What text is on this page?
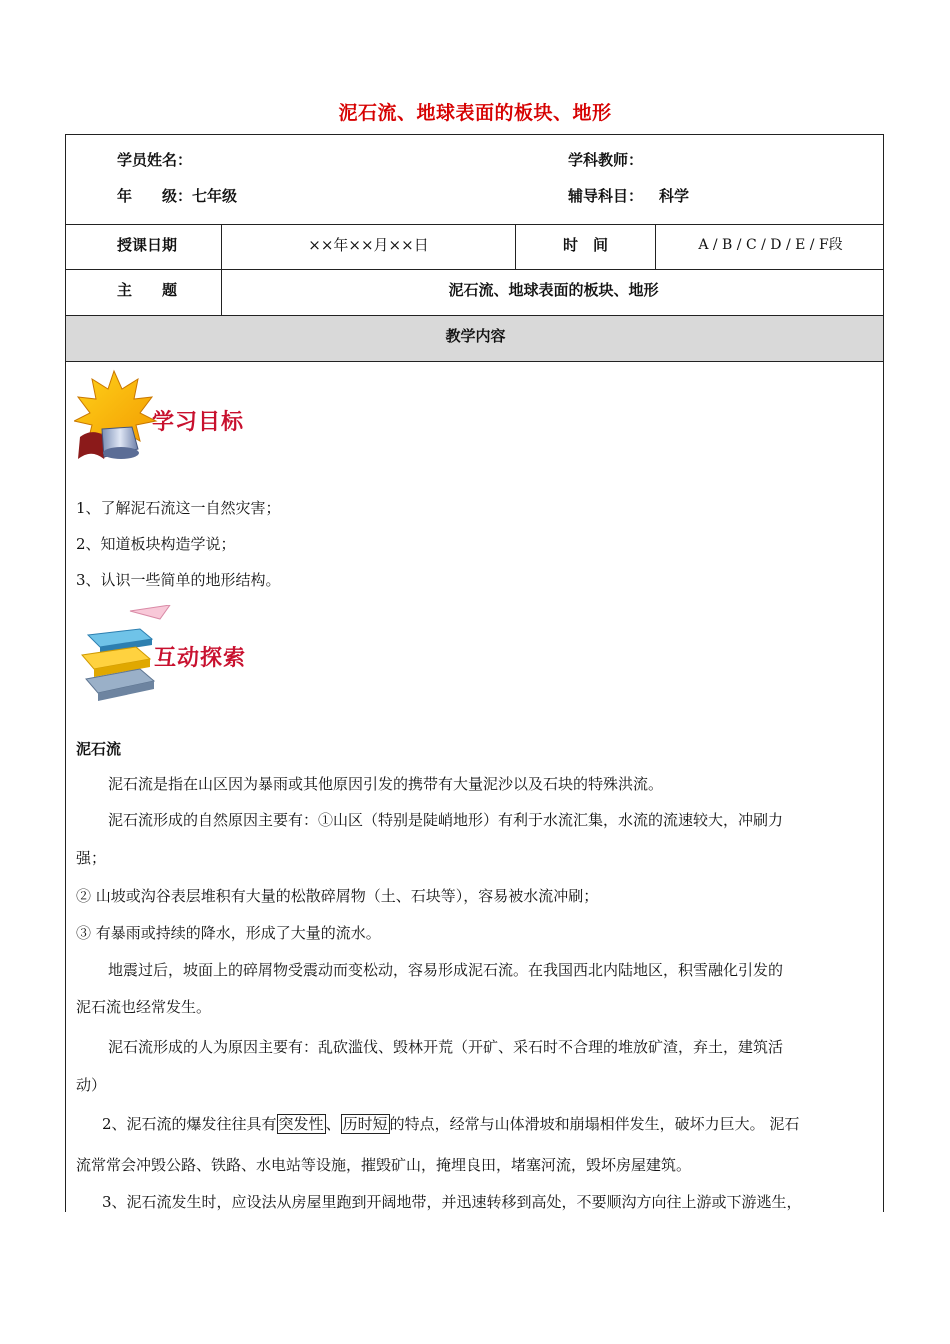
泥石流、地球表面的板块、地形
学员姓名：	学科教师：
年　　级：七年级	辅导科目： 科学
授课日期	××年××月××日	时　间	A / B / C / D / E / F段
主　　题	泥石流、地球表面的板块、地形
教学内容
学习目标
1、了解泥石流这一自然灾害；
2、知道板块构造学说；
3、认识一些简单的地形结构。
互动探索
泥石流
泥石流是指在山区因为暴雨或其他原因引发的携带有大量泥沙以及石块的特殊洪流。
泥石流形成的自然原因主要有：①山区（特别是陡峭地形）有利于水流汇集，水流的流速较大，冲刷力
强；
② 山坡或沟谷表层堆积有大量的松散碎屑物（土、石块等），容易被水流冲刷；
③ 有暴雨或持续的降水，形成了大量的流水。
地震过后，坡面上的碎屑物受震动而变松动，容易形成泥石流。在我国西北内陆地区，积雪融化引发的
泥石流也经常发生。
泥石流形成的人为原因主要有：乱砍滥伐、毁林开荒（开矿、采石时不合理的堆放矿渣，弃土，建筑活
动）
2、泥石流的爆发往往具有 突发性 、 历时短 的特点，经常与山体滑坡和崩塌相伴发生，破坏力巨大。 泥石
流常常会冲毁公路、铁路、水电站等设施，摧毁矿山，掩埋良田，堵塞河流，毁坏房屋建筑。
3、泥石流发生时，应设法从房屋里跑到开阔地带，并迅速转移到高处，不要顺沟方向往上游或下游逃生，
